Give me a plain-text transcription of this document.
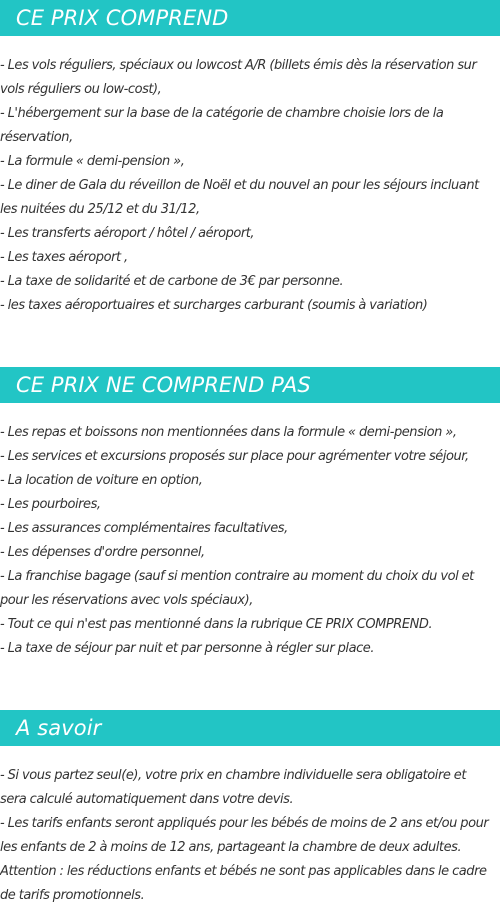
CE PRIX COMPREND
- Les vols réguliers, spéciaux ou lowcost A/R (billets émis dès la réservation sur
vols réguliers ou low-cost),
- L'hébergement sur la base de la catégorie de chambre choisie lors de la
réservation,
- La formule « demi-pension »,
- Le diner de Gala du réveillon de Noël et du nouvel an pour les séjours incluant
les nuitées du 25/12 et du 31/12,
- Les transferts aéroport / hôtel / aéroport,
- Les taxes aéroport ,
- La taxe de solidarité et de carbone de 3€ par personne.
- les taxes aéroportuaires et surcharges carburant (soumis à variation)
CE PRIX NE COMPREND PAS
- Les repas et boissons non mentionnées dans la formule « demi-pension »,
- Les services et excursions proposés sur place pour agrémenter votre séjour,
- La location de voiture en option,
- Les pourboires,
- Les assurances complémentaires facultatives,
- Les dépenses d'ordre personnel,
- La franchise bagage (sauf si mention contraire au moment du choix du vol et
pour les réservations avec vols spéciaux),
- Tout ce qui n'est pas mentionné dans la rubrique CE PRIX COMPREND.
- La taxe de séjour par nuit et par personne à régler sur place.
A savoir
- Si vous partez seul(e), votre prix en chambre individuelle sera obligatoire et
sera calculé automatiquement dans votre devis.
- Les tarifs enfants seront appliqués pour les bébés de moins de 2 ans et/ou pour
les enfants de 2 à moins de 12 ans, partageant la chambre de deux adultes.
Attention : les réductions enfants et bébés ne sont pas applicables dans le cadre
de tarifs promotionnels.
